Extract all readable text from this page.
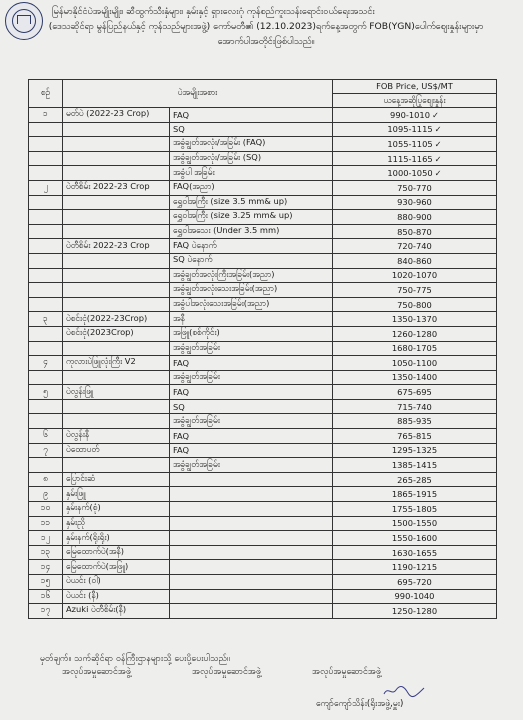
မြန်မာနိုင်ငံ‌ပဲအမျိုးမျိုး၊ ဆီထွက်သီးနှံများ၊ နှမ်းနှင့် ရှားလေးဂုံ ကုန်စည်ကူးသန်းရောင်းဝယ်ရေးအသင်း
(ဒေသဆိုင်ရာ မွန်ပြည်နယ်နှင့် ကုန်သည်များအဖွဲ့) ကော်မတီ၏ (12.10.2023)ရက်နေ့အတွက် FOB(YGN)ပေါက်စျေးနှုန်းများမှာ
အောက်ပါအတိုင်းဖြစ်ပါသည်။
စဉ်	ပဲအမျိုးအစား		FOB Price, US$/MT
			ယနေ့အဆိုပြုစျေးနှုန်း
၁	မတ်ပဲ (2022-23 Crop)	FAQ	990-1010 ✓
		SQ	1095-1115 ✓
		အခွံချွတ်အလုံး/အခြမ်း (FAQ)	1055-1105 ✓
		အခွံချွတ်အလုံး/အခြမ်း (SQ)	1115-1165 ✓
		အခွံပါ အခြမ်း	1000-1050 ✓
၂	ပဲတီစိမ်း 2022-23 Crop	FAQ(အညာ)	750-770
		ရွှေဝါအကြီး (size 3.5 mm& up)	930-960
		ရွှေဝါအကြီး (size 3.25 mm& up)	880-900
		ရွှေဝါအသေး (Under 3.5 mm)	850-870
	ပဲတီစိမ်း 2022-23 Crop	FAQ ပဲနောက်	720-740
		SQ ပဲနောက်	840-860
		အခွံချွတ်အလုံးကြီးအခြမ်း(အညာ)	1020-1070
		အခွံချွတ်အလုံးသေးအခြမ်း(အညာ)	750-775
		အခွံပါအလုံးသေးအခြမ်း(အညာ)	750-800
၃	ပဲစင်းငုံ(2022-23Crop)	အနီ	1350-1370
	ပဲစင်းငုံ(2023Crop)	အဖြူ(စစ်ကိုင်း)	1260-1280
		အခွံချွတ်အခြမ်း	1680-1705
၄	ကုလားပဲဖြူလုံးကြီး V2	FAQ	1050-1100
		အခွံချွတ်အခြမ်း	1350-1400
၅	ပဲလွန်းဖြူ	FAQ	675-695
		SQ	715-740
		အခွံချွတ်အခြမ်း	885-935
၆	ပဲလွန်းနီ	FAQ	765-815
၇	ပဲထောပတ်	FAQ	1295-1325
		အခွံချွတ်အခြမ်း	1385-1415
၈	ပြောင်းဆံ		265-285
၉	နှမ်းဖြူ		1865-1915
၁၀	နှမ်းနက်(စုံ)		1755-1805
၁၁	နှမ်းညို		1500-1550
၁၂	နှမ်းနက်(ရိုးရိုး)		1550-1600
၁၃	မြေထောက်ပဲ(အနီ)		1630-1655
၁၄	မြေထောက်ပဲ(အဖြူ)		1190-1215
၁၅	ပဲယင်း (ဝါ)		695-720
၁၆	ပဲယင်း (နီ)		990-1040
၁၇	Azuki ပဲတီစိမ်း(နီ)		1250-1280
မှတ်ချက်။ သက်ဆိုင်ရာ ဝန်ကြီးဌာနများသို့ ပေးပို့ပေးပါသည်။
အလုပ်အမှုဆောင်အဖွဲ့	အလုပ်အမှုဆောင်အဖွဲ့	အလုပ်အမှုဆောင်အဖွဲ့
ကျော်ကျော်သိန်း(ရိုးအဖွဲ့,မှူး)
